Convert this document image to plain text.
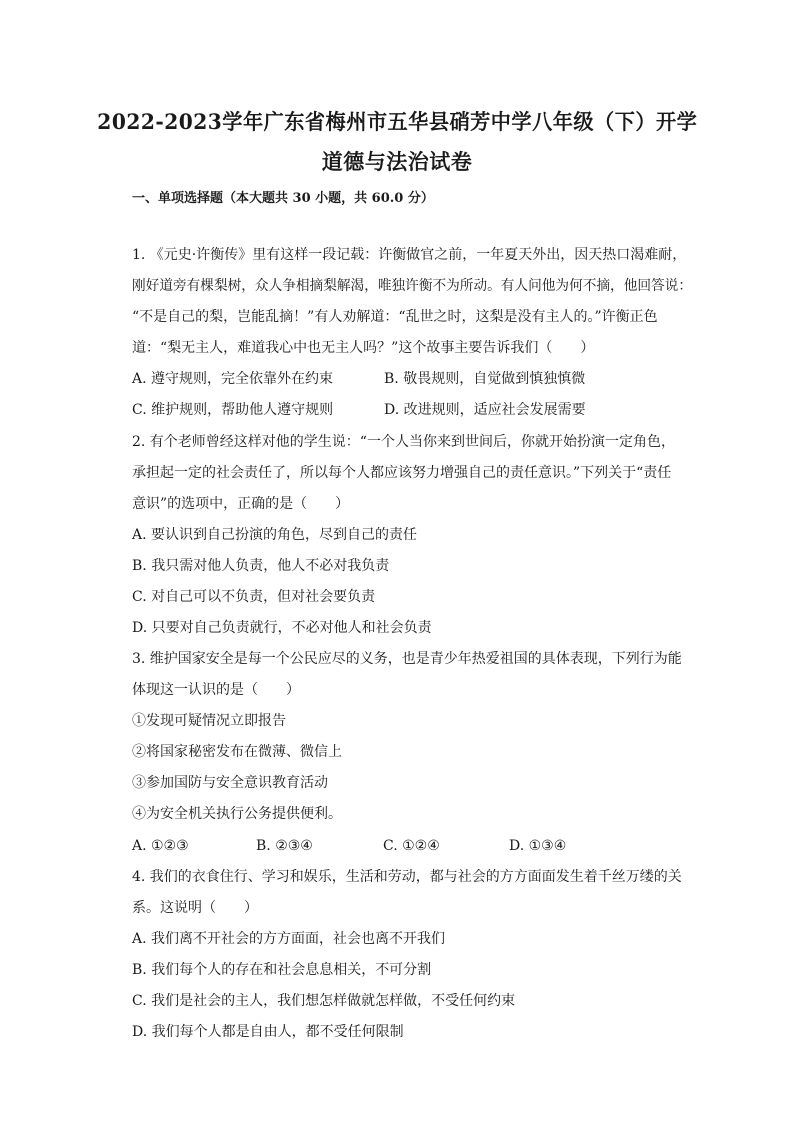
2022-2023学年广东省梅州市五华县硝芳中学八年级（下）开学
道德与法治试卷
一、单项选择题（本大题共 30 小题，共 60.0 分）
1. 《元史·许衡传》里有这样一段记载：许衡做官之前，一年夏天外出，因天热口渴难耐，
刚好道旁有棵梨树，众人争相摘梨解渴，唯独许衡不为所动。有人问他为何不摘，他回答说：
“不是自己的梨，岂能乱摘！”有人劝解道：“乱世之时，这梨是没有主人的。”许衡正色
道：“梨无主人，难道我心中也无主人吗？”这个故事主要告诉我们（　　）
A. 遵守规则，完全依靠外在约束	B. 敬畏规则，自觉做到慎独慎微
C. 维护规则，帮助他人遵守规则	D. 改进规则，适应社会发展需要
2. 有个老师曾经这样对他的学生说：“一个人当你来到世间后，你就开始扮演一定角色，
承担起一定的社会责任了，所以每个人都应该努力增强自己的责任意识。”下列关于“责任
意识”的选项中，正确的是（　　）
A. 要认识到自己扮演的角色，尽到自己的责任
B. 我只需对他人负责，他人不必对我负责
C. 对自己可以不负责，但对社会要负责
D. 只要对自己负责就行，不必对他人和社会负责
3. 维护国家安全是每一个公民应尽的义务，也是青少年热爱祖国的具体表现，下列行为能
体现这一认识的是（　　）
①发现可疑情况立即报告
②将国家秘密发布在微薄、微信上
③参加国防与安全意识教育活动
④为安全机关执行公务提供便利。
A. ①②③	B. ②③④	C. ①②④	D. ①③④
4. 我们的衣食住行、学习和娱乐，生活和劳动，都与社会的方方面面发生着千丝万缕的关
系。这说明（　　）
A. 我们离不开社会的方方面面，社会也离不开我们
B. 我们每个人的存在和社会息息相关，不可分割
C. 我们是社会的主人，我们想怎样做就怎样做，不受任何约束
D. 我们每个人都是自由人，都不受任何限制
